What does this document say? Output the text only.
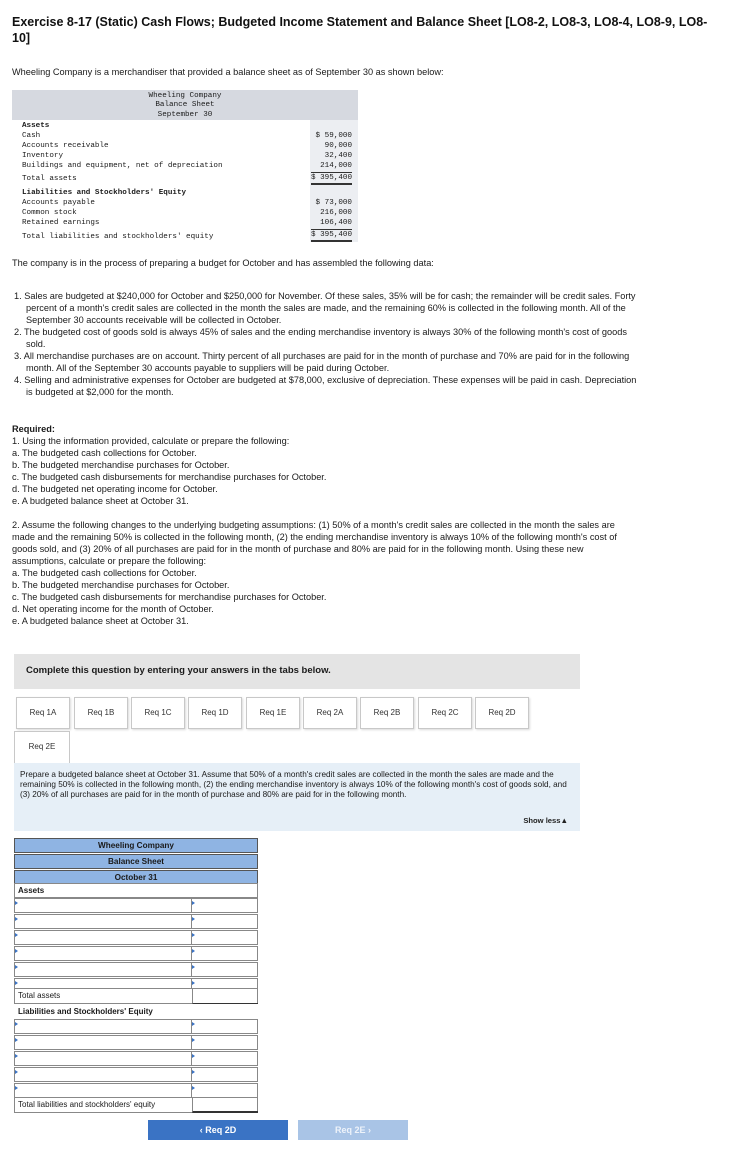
Exercise 8-17 (Static) Cash Flows; Budgeted Income Statement and Balance Sheet [LO8-2, LO8-3, LO8-4, LO8-9, LO8-10]
Wheeling Company is a merchandiser that provided a balance sheet as of September 30 as shown below:
Wheeling Company
Balance Sheet
September 30
Assets
Cash	$ 59,000
Accounts receivable	90,000
Inventory	32,400
Buildings and equipment, net of depreciation	214,000
Total assets	$ 395,400
Liabilities and Stockholders' Equity
Accounts payable	$ 73,000
Common stock	216,000
Retained earnings	106,400
Total liabilities and stockholders' equity	$ 395,400
The company is in the process of preparing a budget for October and has assembled the following data:
1. Sales are budgeted at $240,000 for October and $250,000 for November. Of these sales, 35% will be for cash; the remainder will be credit sales. Forty percent of a month's credit sales are collected in the month the sales are made, and the remaining 60% is collected in the following month. All of the September 30 accounts receivable will be collected in October.
2. The budgeted cost of goods sold is always 45% of sales and the ending merchandise inventory is always 30% of the following month's cost of goods sold.
3. All merchandise purchases are on account. Thirty percent of all purchases are paid for in the month of purchase and 70% are paid for in the following month. All of the September 30 accounts payable to suppliers will be paid during October.
4. Selling and administrative expenses for October are budgeted at $78,000, exclusive of depreciation. These expenses will be paid in cash. Depreciation is budgeted at $2,000 for the month.
Required:
1. Using the information provided, calculate or prepare the following:
a. The budgeted cash collections for October.
b. The budgeted merchandise purchases for October.
c. The budgeted cash disbursements for merchandise purchases for October.
d. The budgeted net operating income for October.
e. A budgeted balance sheet at October 31.
2. Assume the following changes to the underlying budgeting assumptions: (1) 50% of a month's credit sales are collected in the month the sales are made and the remaining 50% is collected in the following month, (2) the ending merchandise inventory is always 10% of the following month's cost of goods sold, and (3) 20% of all purchases are paid for in the month of purchase and 80% are paid for in the following month. Using these new assumptions, calculate or prepare the following:
a. The budgeted cash collections for October.
b. The budgeted merchandise purchases for October.
c. The budgeted cash disbursements for merchandise purchases for October.
d. Net operating income for the month of October.
e. A budgeted balance sheet at October 31.
Complete this question by entering your answers in the tabs below.
Req 1A	Req 1B	Req 1C	Req 1D	Req 1E	Req 2A	Req 2B	Req 2C	Req 2D
Req 2E
Prepare a budgeted balance sheet at October 31. Assume that 50% of a month's credit sales are collected in the month the sales are made and the remaining 50% is collected in the following month, (2) the ending merchandise inventory is always 10% of the following month's cost of goods sold, and (3) 20% of all purchases are paid for in the month of purchase and 80% are paid for in the following month.
Show less▲
Wheeling Company
Balance Sheet
October 31
Assets
Total assets
Liabilities and Stockholders' Equity
Total liabilities and stockholders' equity
‹ Req 2D	Req 2E ›
